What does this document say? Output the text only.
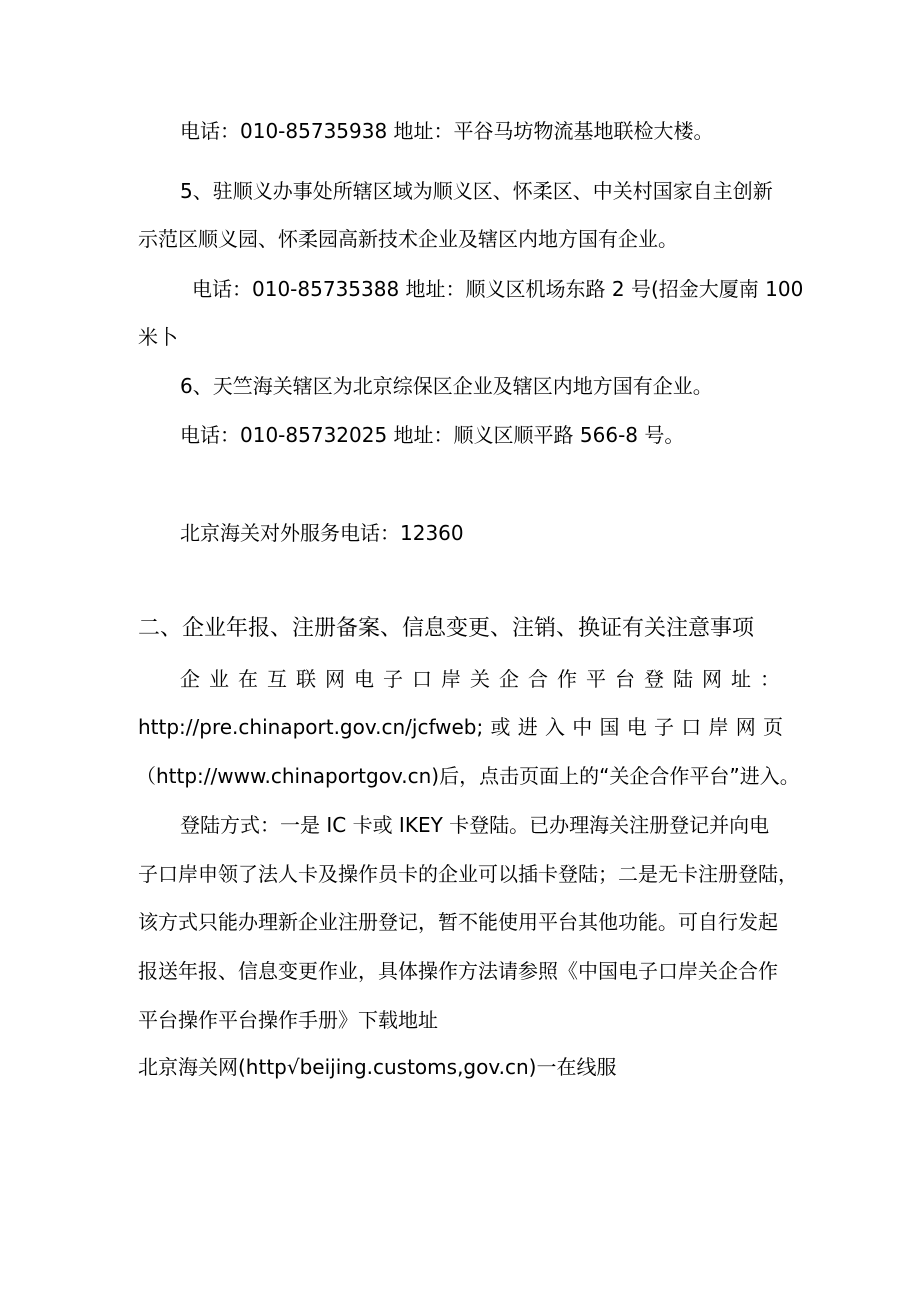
电话：010-85735938 地址：平谷马坊物流基地联检大楼。

5、驻顺义办事处所辖区域为顺义区、怀柔区、中关村国家自主创新

示范区顺义园、怀柔园高新技术企业及辖区内地方国有企业。

电话：010-85735388 地址：顺义区机场东路 2 号(招金大厦南 100

米卜

6、天竺海关辖区为北京综保区企业及辖区内地方国有企业。

电话：010-85732025 地址：顺义区顺平路 566-8 号。

北京海关对外服务电话：12360

二、企业年报、注册备案、信息变更、注销、换证有关注意事项
企 业 在 互 联 网 电 子 口 岸 关 企 合 作 平 台 登 陆 网 址 ：
http://pre.chinaport.gov.cn/jcfweb; 或 进 入 中 国 电 子 口 岸 网 页

（http://www.chinaportgov.cn)后，点击页面上的“关企合作平台”进入。

登陆方式：一是 IC 卡或 IKEY 卡登陆。已办理海关注册登记并向电

子口岸申领了法人卡及操作员卡的企业可以插卡登陆；二是无卡注册登陆，

该方式只能办理新企业注册登记，暂不能使用平台其他功能。可自行发起

报送年报、信息变更作业，具体操作方法请参照《中国电子口岸关企合作

平台操作平台操作手册》下载地址

北京海关网(http√beijing.customs,gov.cn)一在线服
